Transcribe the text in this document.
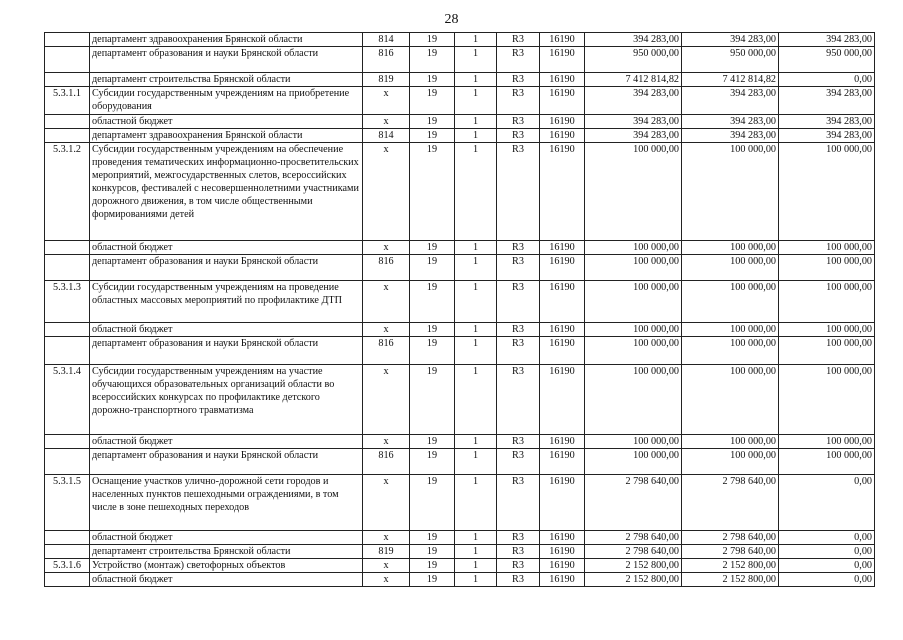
28
	департамент здравоохранения Брянской области	814	19	1	R3	16190	394 283,00	394 283,00	394 283,00
	департамент образования и науки Брянской области	816	19	1	R3	16190	950 000,00	950 000,00	950 000,00
	департамент строительства Брянской области	819	19	1	R3	16190	7 412 814,82	7 412 814,82	0,00
5.3.1.1	Субсидии государственным учреждениям на приобретение оборудования	х	19	1	R3	16190	394 283,00	394 283,00	394 283,00
	областной бюджет	х	19	1	R3	16190	394 283,00	394 283,00	394 283,00
	департамент здравоохранения Брянской области	814	19	1	R3	16190	394 283,00	394 283,00	394 283,00
5.3.1.2	Субсидии государственным учреждениям на обеспечение проведения тематических информационно-просветительских мероприятий, межгосударственных слетов, всероссийских конкурсов, фестивалей с несовершеннолетними участниками дорожного движения, в том числе общественными формированиями детей	х	19	1	R3	16190	100 000,00	100 000,00	100 000,00
	областной бюджет	х	19	1	R3	16190	100 000,00	100 000,00	100 000,00
	департамент образования и науки Брянской области	816	19	1	R3	16190	100 000,00	100 000,00	100 000,00
5.3.1.3	Субсидии государственным учреждениям на проведение областных массовых мероприятий по профилактике ДТП	х	19	1	R3	16190	100 000,00	100 000,00	100 000,00
	областной бюджет	х	19	1	R3	16190	100 000,00	100 000,00	100 000,00
	департамент образования и науки Брянской области	816	19	1	R3	16190	100 000,00	100 000,00	100 000,00
5.3.1.4	Субсидии государственным учреждениям на участие обучающихся образовательных организаций области во всероссийских конкурсах по профилактике детского дорожно-транспортного травматизма	х	19	1	R3	16190	100 000,00	100 000,00	100 000,00
	областной бюджет	х	19	1	R3	16190	100 000,00	100 000,00	100 000,00
	департамент образования и науки Брянской области	816	19	1	R3	16190	100 000,00	100 000,00	100 000,00
5.3.1.5	Оснащение участков улично-дорожной сети городов и населенных пунктов пешеходными ограждениями, в том числе в зоне пешеходных переходов	х	19	1	R3	16190	2 798 640,00	2 798 640,00	0,00
	областной бюджет	х	19	1	R3	16190	2 798 640,00	2 798 640,00	0,00
	департамент строительства Брянской области	819	19	1	R3	16190	2 798 640,00	2 798 640,00	0,00
5.3.1.6	Устройство (монтаж) светофорных объектов	х	19	1	R3	16190	2 152 800,00	2 152 800,00	0,00
	областной бюджет	х	19	1	R3	16190	2 152 800,00	2 152 800,00	0,00
